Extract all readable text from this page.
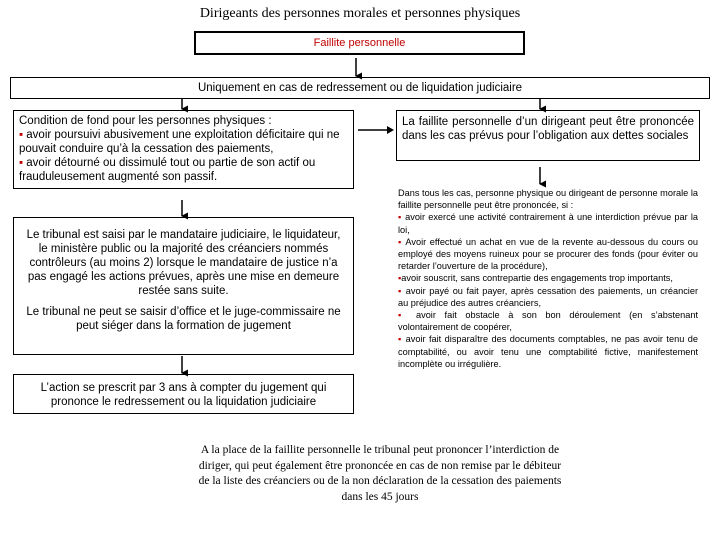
Dirigeants des personnes morales et personnes physiques
Faillite personnelle
Uniquement en cas de redressement ou de liquidation judiciaire
Condition de fond pour les personnes physiques :
▪ avoir poursuivi abusivement une exploitation déficitaire qui ne pouvait conduire qu’à la cessation des paiements,
▪ avoir détourné ou dissimulé tout ou partie de son actif ou frauduleusement augmenté son passif.

Le tribunal est saisi par le mandataire judiciaire, le liquidateur, le ministère public ou la majorité des créanciers nommés contrôleurs (au moins 2) lorsque le mandataire de justice n’a pas engagé les actions prévues, après une mise en demeure restée sans suite.

Le tribunal ne peut se saisir d’office et le juge-commissaire ne peut siéger dans la formation de jugement

L’action se prescrit par 3 ans à compter du jugement qui prononce le redressement ou la liquidation judiciaire
La faillite personnelle d’un dirigeant peut être prononcée dans les cas prévus pour l’obligation aux dettes sociales
Dans tous les cas, personne physique ou dirigeant de personne morale la faillite personnelle peut être prononcée, si :
▪ avoir exercé une activité contrairement à une interdiction prévue par la loi,
▪ Avoir effectué un achat en vue de la revente au-dessous du cours ou employé des moyens ruineux pour se procurer des fonds (pour éviter ou retarder l’ouverture de la procédure),
▪avoir souscrit, sans contrepartie des engagements trop importants,
▪ avoir payé ou fait payer, après cessation des paiements, un créancier au préjudice des autres créanciers,
▪ avoir fait obstacle à son bon déroulement (en s’abstenant volontairement de coopérer,
▪ avoir fait disparaître des documents comptables, ne pas avoir tenu de comptabilité, ou avoir tenu une comptabilité fictive, manifestement incomplète ou irrégulière.
A la place de la faillite personnelle le tribunal peut prononcer l’interdiction de diriger, qui peut également être prononcée en cas de non remise par le débiteur de la liste des créanciers ou de la non déclaration de la cessation des paiements dans les 45 jours
